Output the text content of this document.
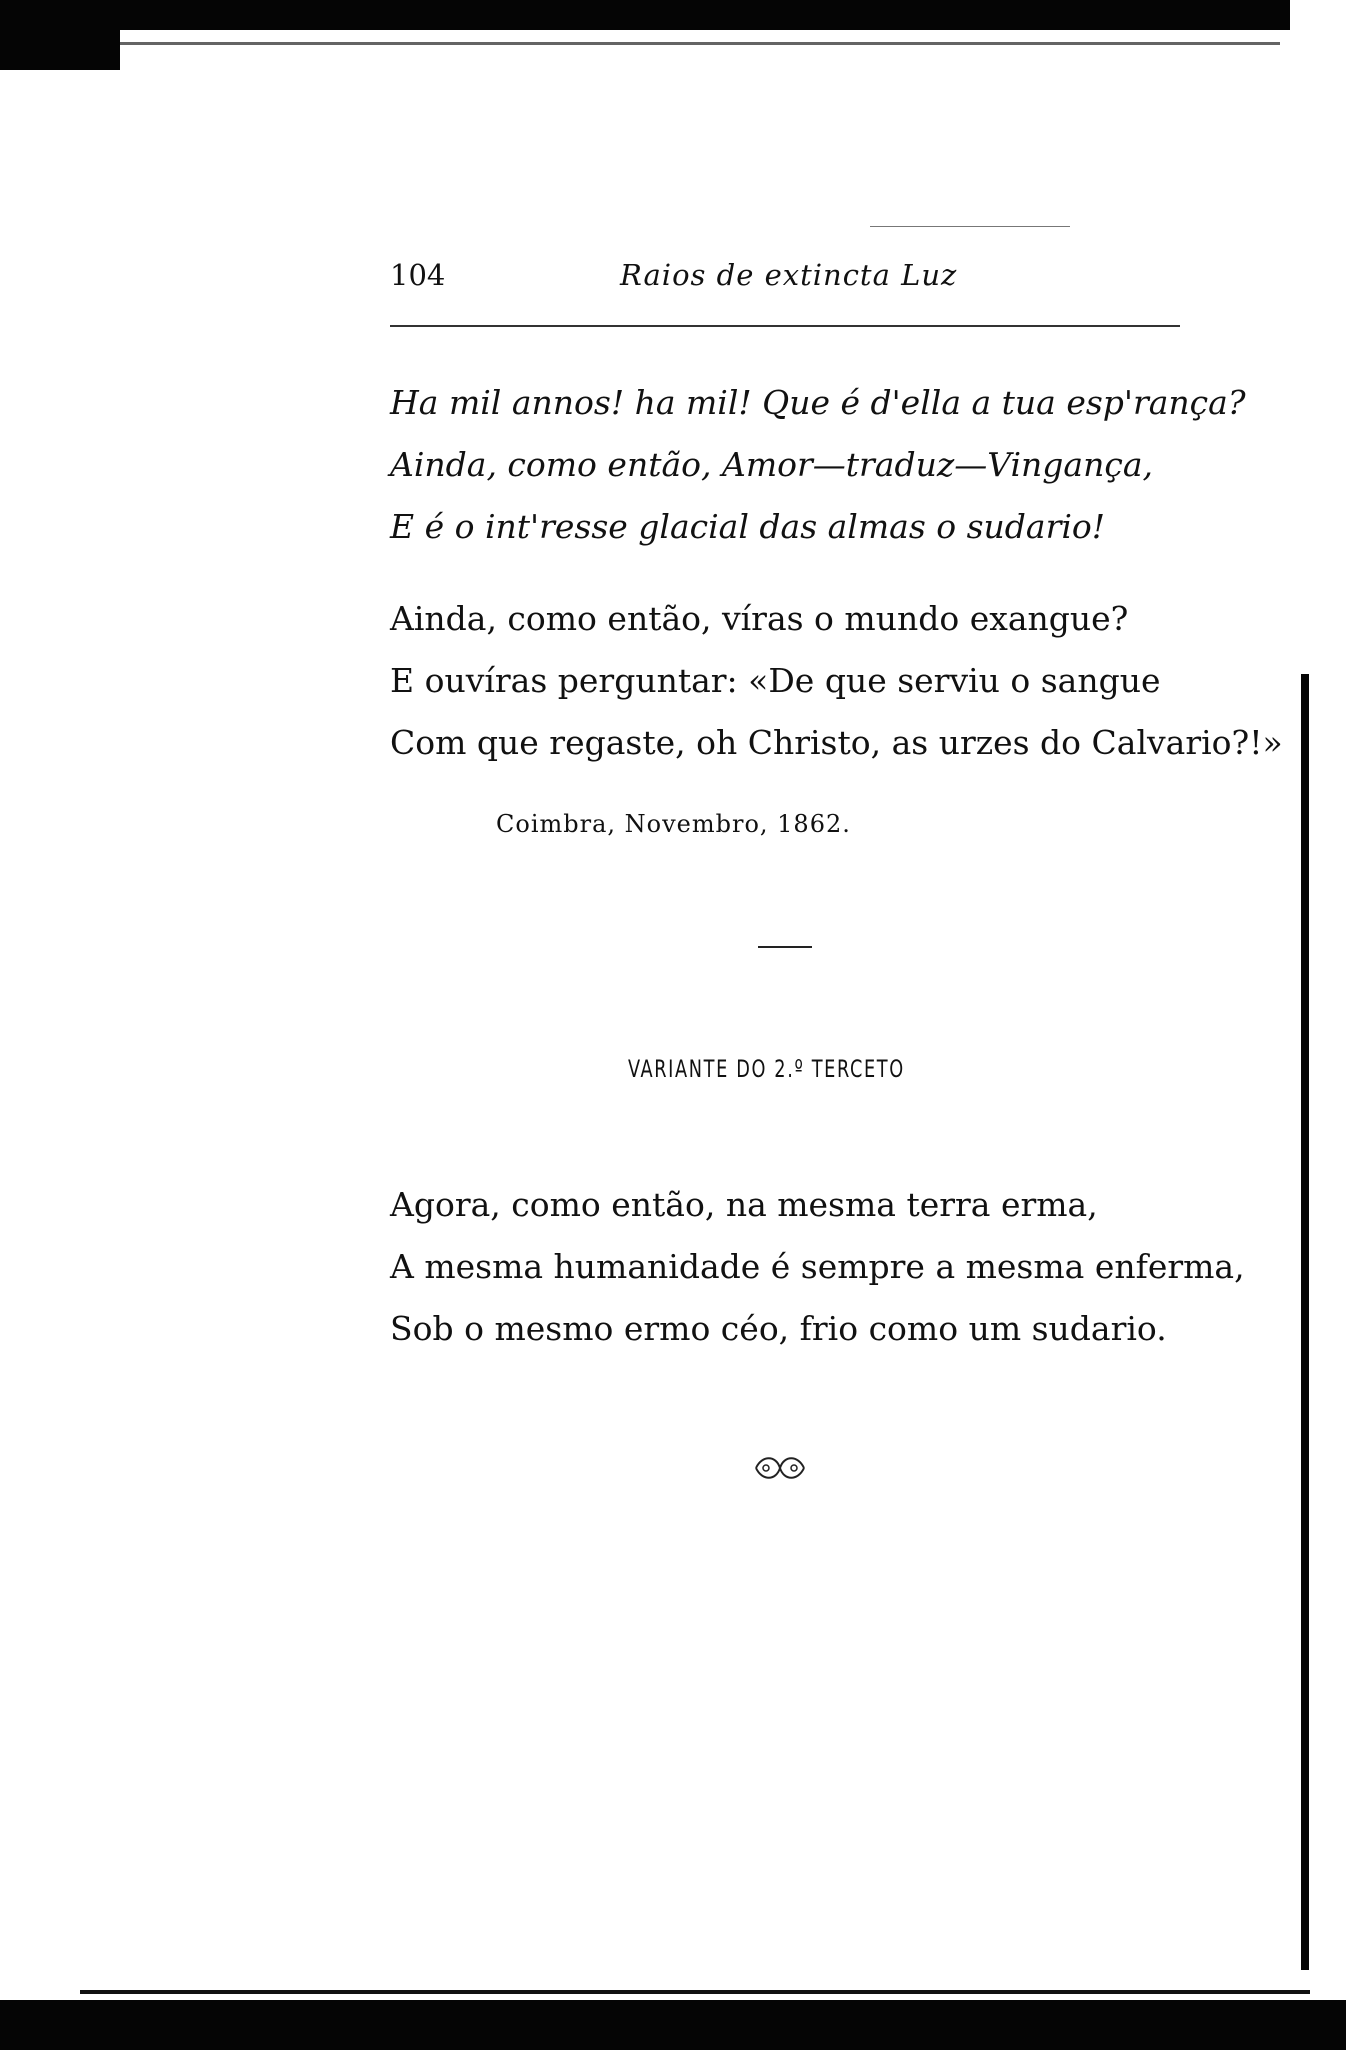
104	Raios de extincta Luz
Ha mil annos! ha mil! Que é d'ella a tua esp'rança?
Ainda, como então, Amor—traduz—Vingança,
E é o int'resse glacial das almas o sudario!
Ainda, como então, víras o mundo exangue?
E ouvíras perguntar: «De que serviu o sangue
Com que regaste, oh Christo, as urzes do Calvario?!»
Coimbra, Novembro, 1862.
VARIANTE DO 2.º TERCETO
Agora, como então, na mesma terra erma,
A mesma humanidade é sempre a mesma enferma,
Sob o mesmo ermo céo, frio como um sudario.
